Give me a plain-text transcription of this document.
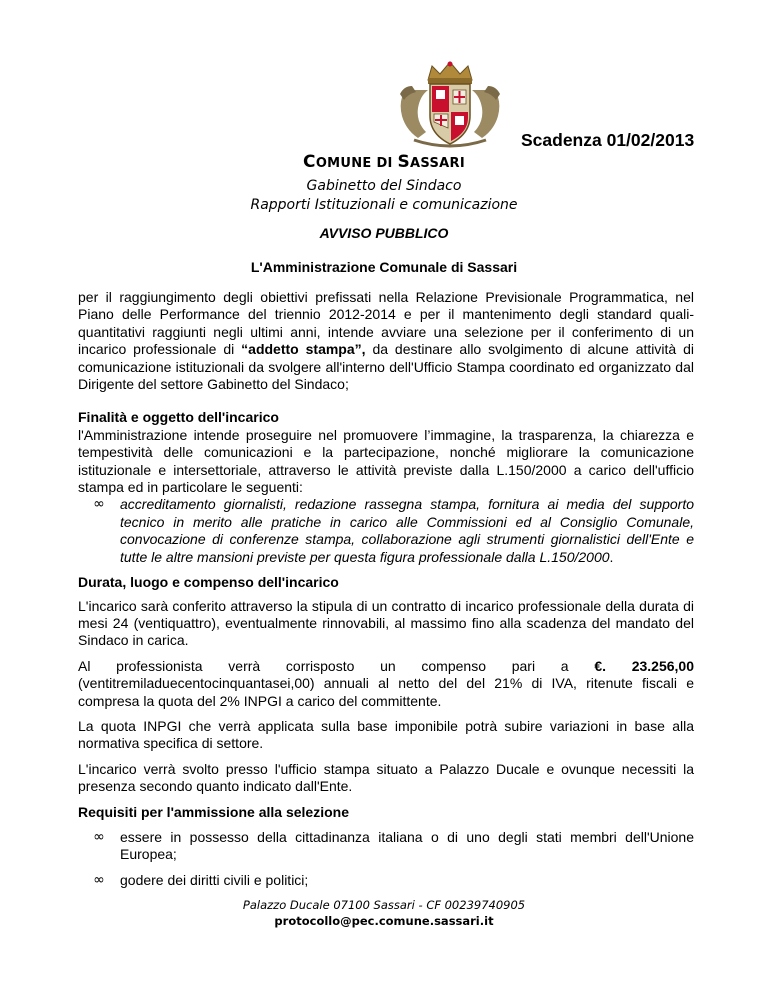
Scadenza 01/02/2013
COMUNE DI SASSARI
Gabinetto del Sindaco
Rapporti Istituzionali e comunicazione
AVVISO PUBBLICO
L'Amministrazione Comunale di Sassari

per il raggiungimento degli obiettivi prefissati nella Relazione Previsionale Programmatica, nel Piano delle Performance del triennio 2012-2014 e per il mantenimento degli standard quali-quantitativi raggiunti negli ultimi anni, intende avviare una selezione per il conferimento di un incarico professionale di “addetto stampa”, da destinare allo svolgimento di alcune attività di comunicazione istituzionali da svolgere all'interno dell'Ufficio Stampa coordinato ed organizzato dal Dirigente del settore Gabinetto del Sindaco;

Finalità e oggetto dell'incarico

l'Amministrazione intende proseguire nel promuovere l’immagine, la trasparenza, la chiarezza e tempestività delle comunicazioni e la partecipazione, nonché migliorare la comunicazione istituzionale e intersettoriale, attraverso le attività previste dalla L.150/2000 a carico dell'ufficio stampa ed in particolare le seguenti:

∞	accreditamento giornalisti, redazione rassegna stampa, fornitura ai media del supporto tecnico in merito alle pratiche in carico alle Commissioni ed al Consiglio Comunale, convocazione di conferenze stampa, collaborazione agli strumenti giornalistici dell'Ente e tutte le altre mansioni previste per questa figura professionale dalla L.150/2000.
Durata, luogo e compenso dell'incarico

L'incarico sarà conferito attraverso la stipula di un contratto di incarico professionale della durata di mesi 24 (ventiquattro), eventualmente rinnovabili, al massimo fino alla scadenza del mandato del Sindaco in carica.

Al professionista verrà corrisposto un compenso pari a €. 23.256,00 (ventitremiladuecentocinquantasei,00) annuali al netto del del 21% di IVA, ritenute fiscali e compresa la quota del 2% INPGI a carico del committente.

La quota INPGI che verrà applicata sulla base imponibile potrà subire variazioni in base alla normativa specifica di settore.

L'incarico verrà svolto presso l'ufficio stampa situato a Palazzo Ducale e ovunque necessiti la presenza secondo quanto indicato dall'Ente.

Requisiti per l'ammissione alla selezione
∞	essere in possesso della cittadinanza italiana o di uno degli stati membri dell'Unione Europea;
∞	godere dei diritti civili e politici;
Palazzo Ducale 07100 Sassari - CF 00239740905
protocollo@pec.comune.sassari.it
